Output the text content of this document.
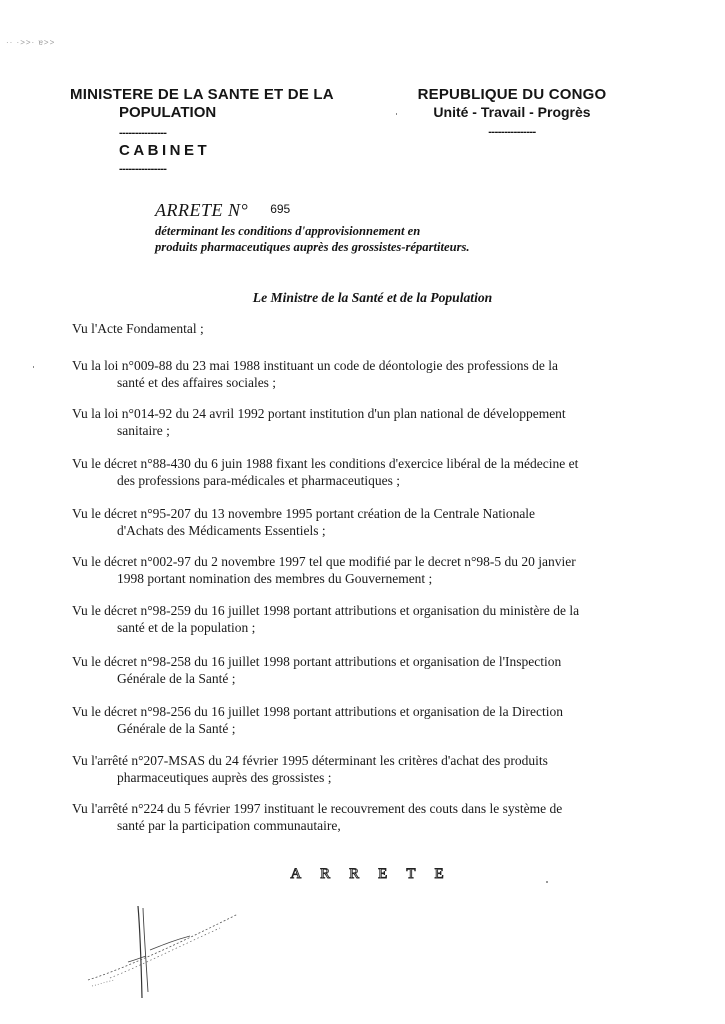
·· ·>>· ɐ>>
MINISTERE DE LA SANTE ET DE LA
POPULATION
---------------
CABINET
---------------
REPUBLIQUE DU CONGO
Unité - Travail - Progrès
---------------
ARRETE N° 695
déterminant les conditions d'approvisionnement en
produits pharmaceutiques auprès des grossistes-répartiteurs.
Le Ministre de la Santé et de la Population
Vu l'Acte Fondamental ;
Vu la loi n°009-88 du 23 mai 1988 instituant un code de déontologie des professions de la
santé et des affaires sociales ;
Vu la loi n°014-92 du 24 avril 1992 portant institution d'un plan national de développement
sanitaire ;
Vu le décret n°88-430 du 6 juin 1988 fixant les conditions d'exercice libéral de la médecine et
des professions para-médicales et pharmaceutiques ;
Vu le décret n°95-207 du 13 novembre 1995 portant création de la Centrale Nationale
d'Achats des Médicaments Essentiels ;
Vu le décret n°002-97 du 2 novembre 1997 tel que modifié par le decret n°98-5 du 20 janvier
1998 portant nomination des membres du Gouvernement ;
Vu le décret n°98-259 du 16 juillet 1998 portant attributions et organisation du ministère de la
santé et de la population ;
Vu le décret n°98-258 du 16 juillet 1998 portant attributions et organisation de l'Inspection
Générale de la Santé ;
Vu le décret n°98-256 du 16 juillet 1998 portant attributions et organisation de la Direction
Générale de la Santé ;
Vu l'arrêté n°207-MSAS du 24 février 1995 déterminant les critères d'achat des produits
pharmaceutiques auprès des grossistes ;
Vu l'arrêté n°224 du 5 février 1997 instituant le recouvrement des couts dans le système de
santé par la participation communautaire,
ARRETE
